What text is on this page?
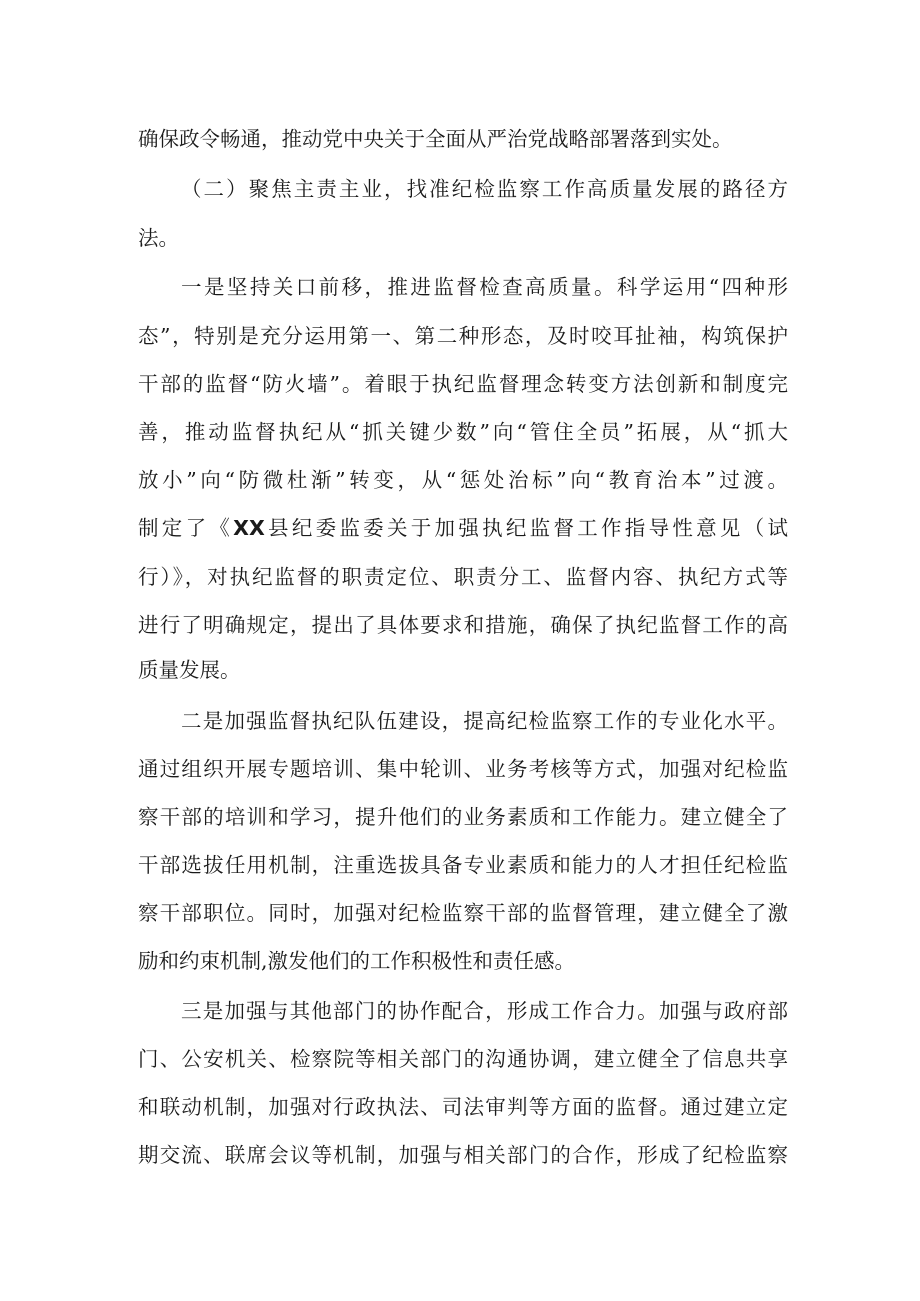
确保政令畅通，推动党中央关于全面从严治党战略部署落到实处。
（二）聚焦主责主业，找准纪检监察工作高质量发展的路径方
法。
一是坚持关口前移，推进监督检查高质量。科学运用“四种形
态”，特别是充分运用第一、第二种形态，及时咬耳扯袖，构筑保护
干部的监督“防火墙”。着眼于执纪监督理念转变方法创新和制度完
善，推动监督执纪从“抓关键少数”向“管住全员”拓展，从“抓大
放小”向“防微杜渐”转变，从“惩处治标”向“教育治本”过渡。
制定了《XX县纪委监委关于加强执纪监督工作指导性意见（试
行）》，对执纪监督的职责定位、职责分工、监督内容、执纪方式等
进行了明确规定，提出了具体要求和措施，确保了执纪监督工作的高
质量发展。
二是加强监督执纪队伍建设，提高纪检监察工作的专业化水平。
通过组织开展专题培训、集中轮训、业务考核等方式，加强对纪检监
察干部的培训和学习，提升他们的业务素质和工作能力。建立健全了
干部选拔任用机制，注重选拔具备专业素质和能力的人才担任纪检监
察干部职位。同时，加强对纪检监察干部的监督管理，建立健全了激
励和约束机制,激发他们的工作积极性和责任感。
三是加强与其他部门的协作配合，形成工作合力。加强与政府部
门、公安机关、检察院等相关部门的沟通协调，建立健全了信息共享
和联动机制，加强对行政执法、司法审判等方面的监督。通过建立定
期交流、联席会议等机制，加强与相关部门的合作，形成了纪检监察
